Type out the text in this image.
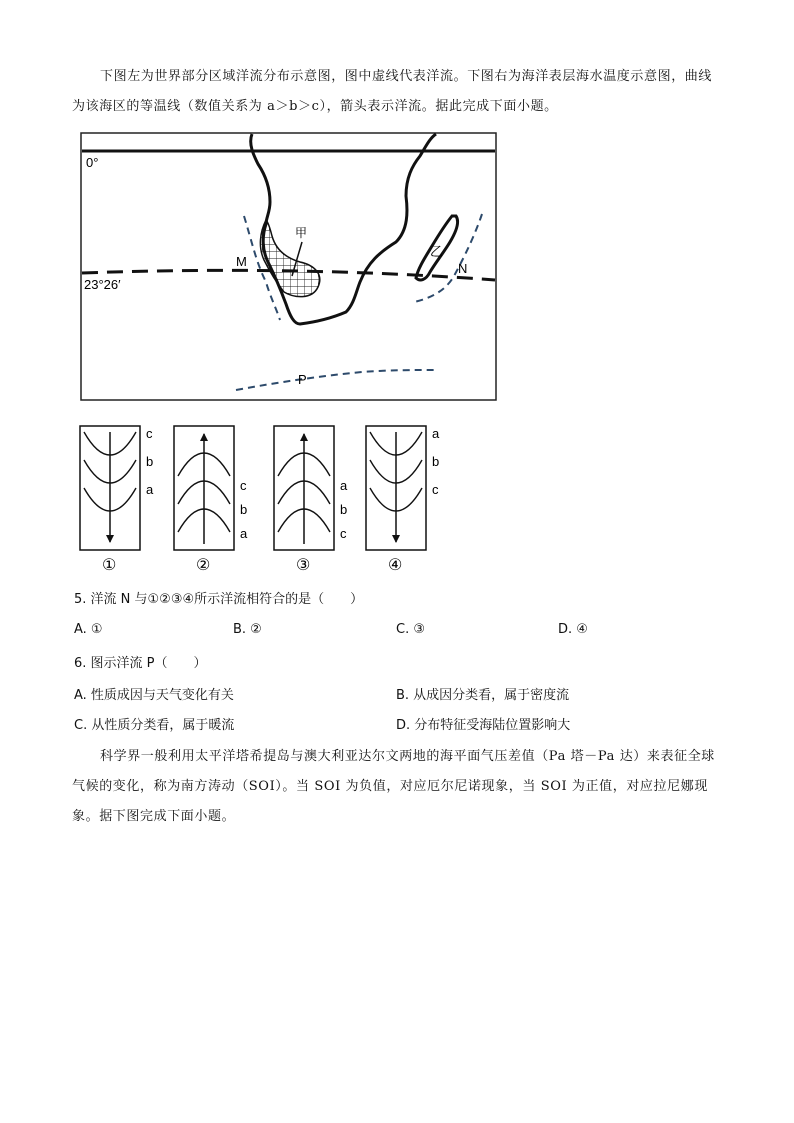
下图左为世界部分区域洋流分布示意图，图中虚线代表洋流。下图右为海洋表层海水温度示意图，曲线为该海区的等温线（数值关系为 a＞b＞c），箭头表示洋流。据此完成下面小题。
0°
乙
23°26′
M
甲
N
P
c
b
a
①
c
b
a
②
a
b
c
③
a
b
c
④
5. 洋流 N 与①②③④所示洋流相符合的是（　　）
A. ①	B. ②	C. ③	D. ④
6. 图示洋流 P（　　）
A. 性质成因与天气变化有关	B. 从成因分类看，属于密度流
C. 从性质分类看，属于暖流	D. 分布特征受海陆位置影响大
科学界一般利用太平洋塔希提岛与澳大利亚达尔文两地的海平面气压差值（Pa 塔－Pa 达）来表征全球气候的变化，称为南方涛动（SOI）。当 SOI 为负值，对应厄尔尼诺现象，当 SOI 为正值，对应拉尼娜现象。据下图完成下面小题。
